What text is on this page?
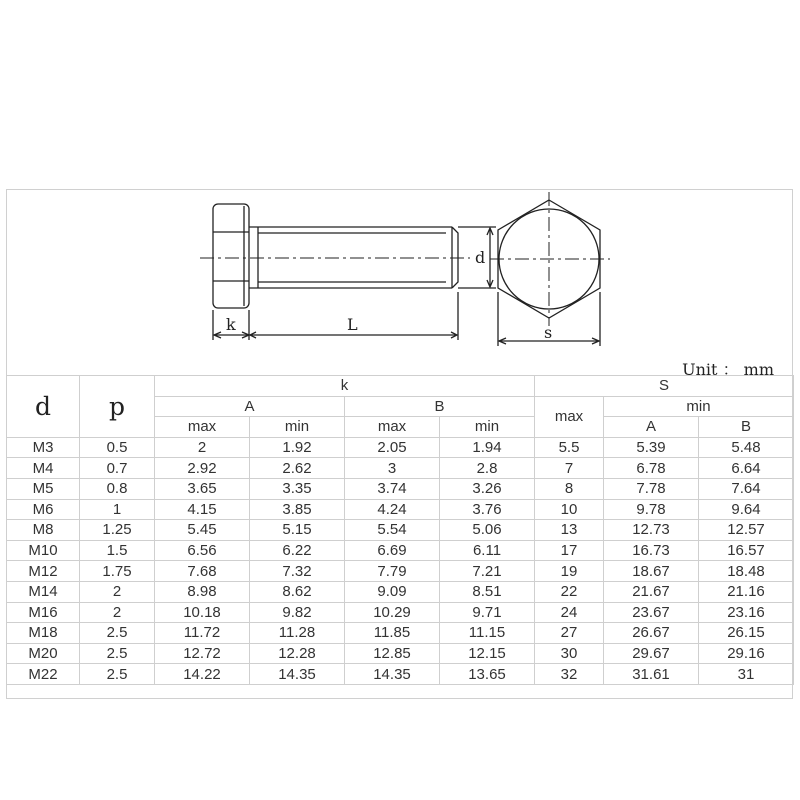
k	L
d
s
Unit ： mm
d	p	k				S		
		A		B		max	min	
		max	min	max	min		A	B
M3	0.5	2	1.92	2.05	1.94	5.5	5.39	5.48
M4	0.7	2.92	2.62	3	2.8	7	6.78	6.64
M5	0.8	3.65	3.35	3.74	3.26	8	7.78	7.64
M6	1	4.15	3.85	4.24	3.76	10	9.78	9.64
M8	1.25	5.45	5.15	5.54	5.06	13	12.73	12.57
M10	1.5	6.56	6.22	6.69	6.11	17	16.73	16.57
M12	1.75	7.68	7.32	7.79	7.21	19	18.67	18.48
M14	2	8.98	8.62	9.09	8.51	22	21.67	21.16
M16	2	10.18	9.82	10.29	9.71	24	23.67	23.16
M18	2.5	11.72	11.28	11.85	11.15	27	26.67	26.15
M20	2.5	12.72	12.28	12.85	12.15	30	29.67	29.16
M22	2.5	14.22	14.35	14.35	13.65	32	31.61	31
